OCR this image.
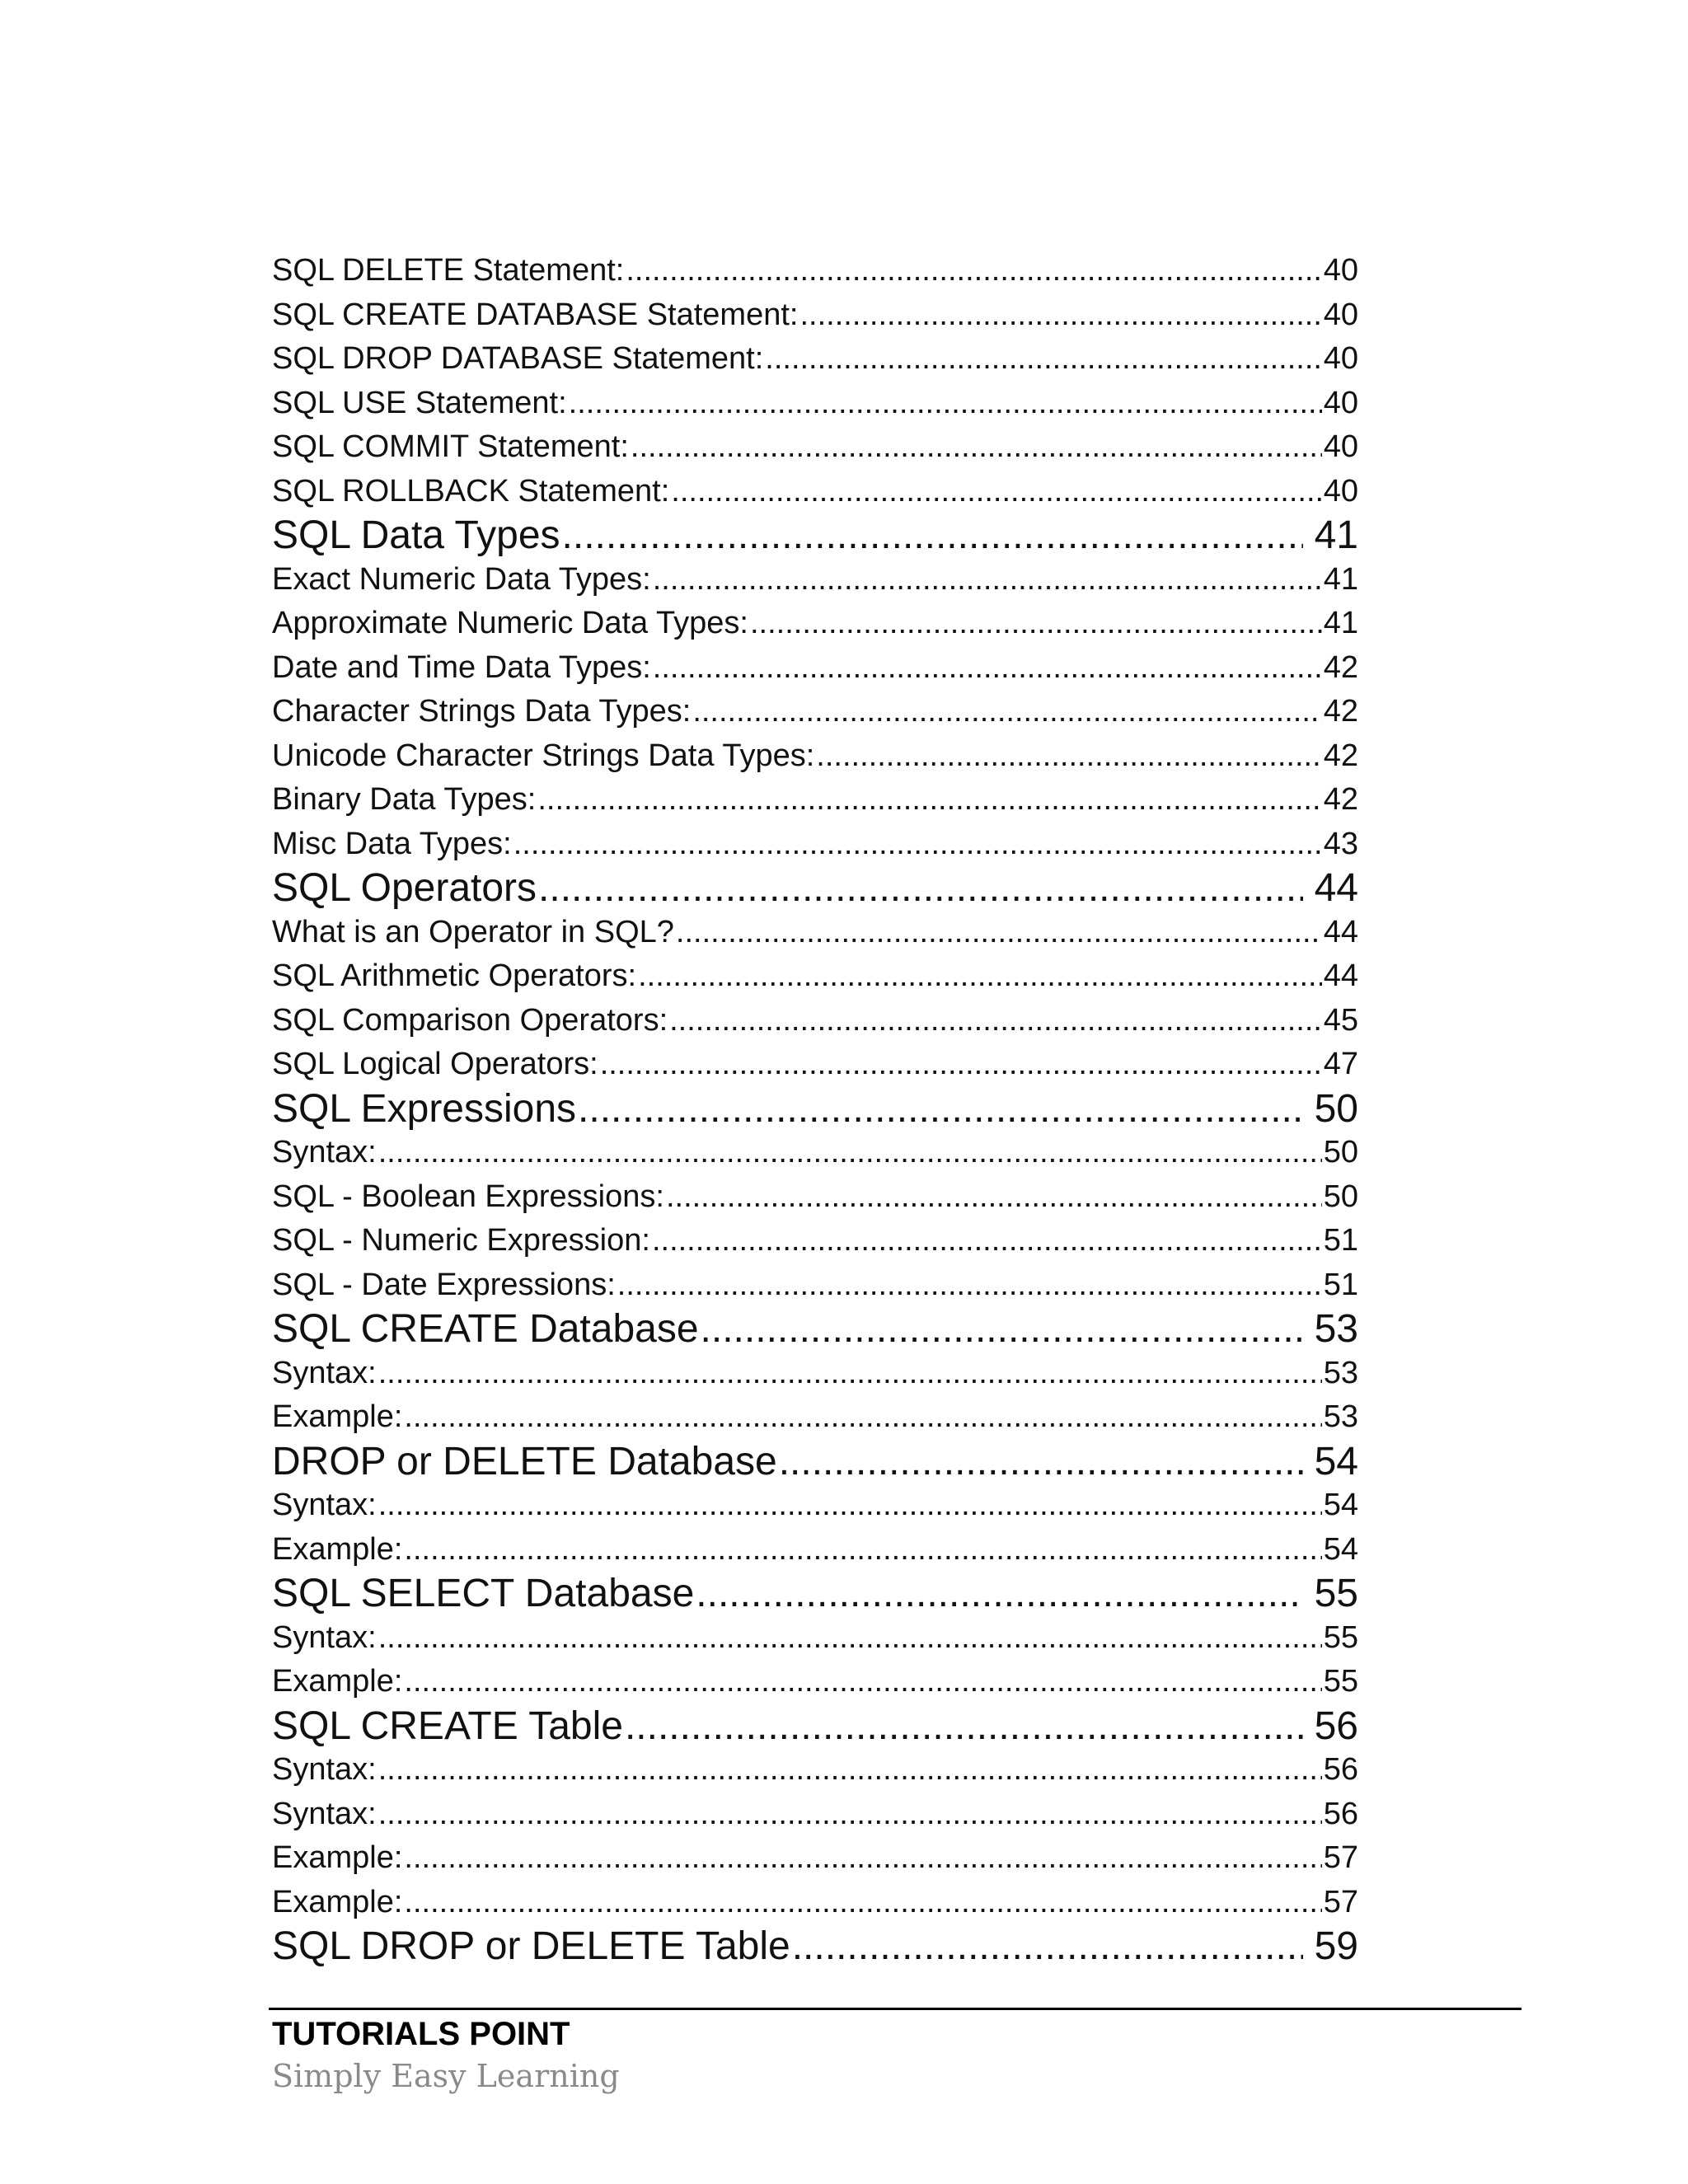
SQL DELETE Statement: .....	40
SQL CREATE DATABASE Statement: .....	40
SQL DROP DATABASE Statement: .....	40
SQL USE Statement: .....	40
SQL COMMIT Statement: .....	40
SQL ROLLBACK Statement: .....	40
SQL Data Types .....	41
Exact Numeric Data Types: .....	41
Approximate Numeric Data Types: .....	41
Date and Time Data Types: .....	42
Character Strings Data Types: .....	42
Unicode Character Strings Data Types: .....	42
Binary Data Types: .....	42
Misc Data Types: .....	43
SQL Operators .....	44
What is an Operator in SQL? .....	44
SQL Arithmetic Operators: .....	44
SQL Comparison Operators: .....	45
SQL Logical Operators: .....	47
SQL Expressions .....	50
Syntax: .....	50
SQL - Boolean Expressions: .....	50
SQL - Numeric Expression: .....	51
SQL - Date Expressions: .....	51
SQL CREATE Database .....	53
Syntax: .....	53
Example: .....	53
DROP or DELETE Database .....	54
Syntax: .....	54
Example: .....	54
SQL SELECT Database .....	55
Syntax: .....	55
Example: .....	55
SQL CREATE Table .....	56
Syntax: .....	56
Syntax: .....	56
Example: .....	57
Example: .....	57
SQL DROP or DELETE Table .....	59
TUTORIALS POINT
Simply Easy Learning
